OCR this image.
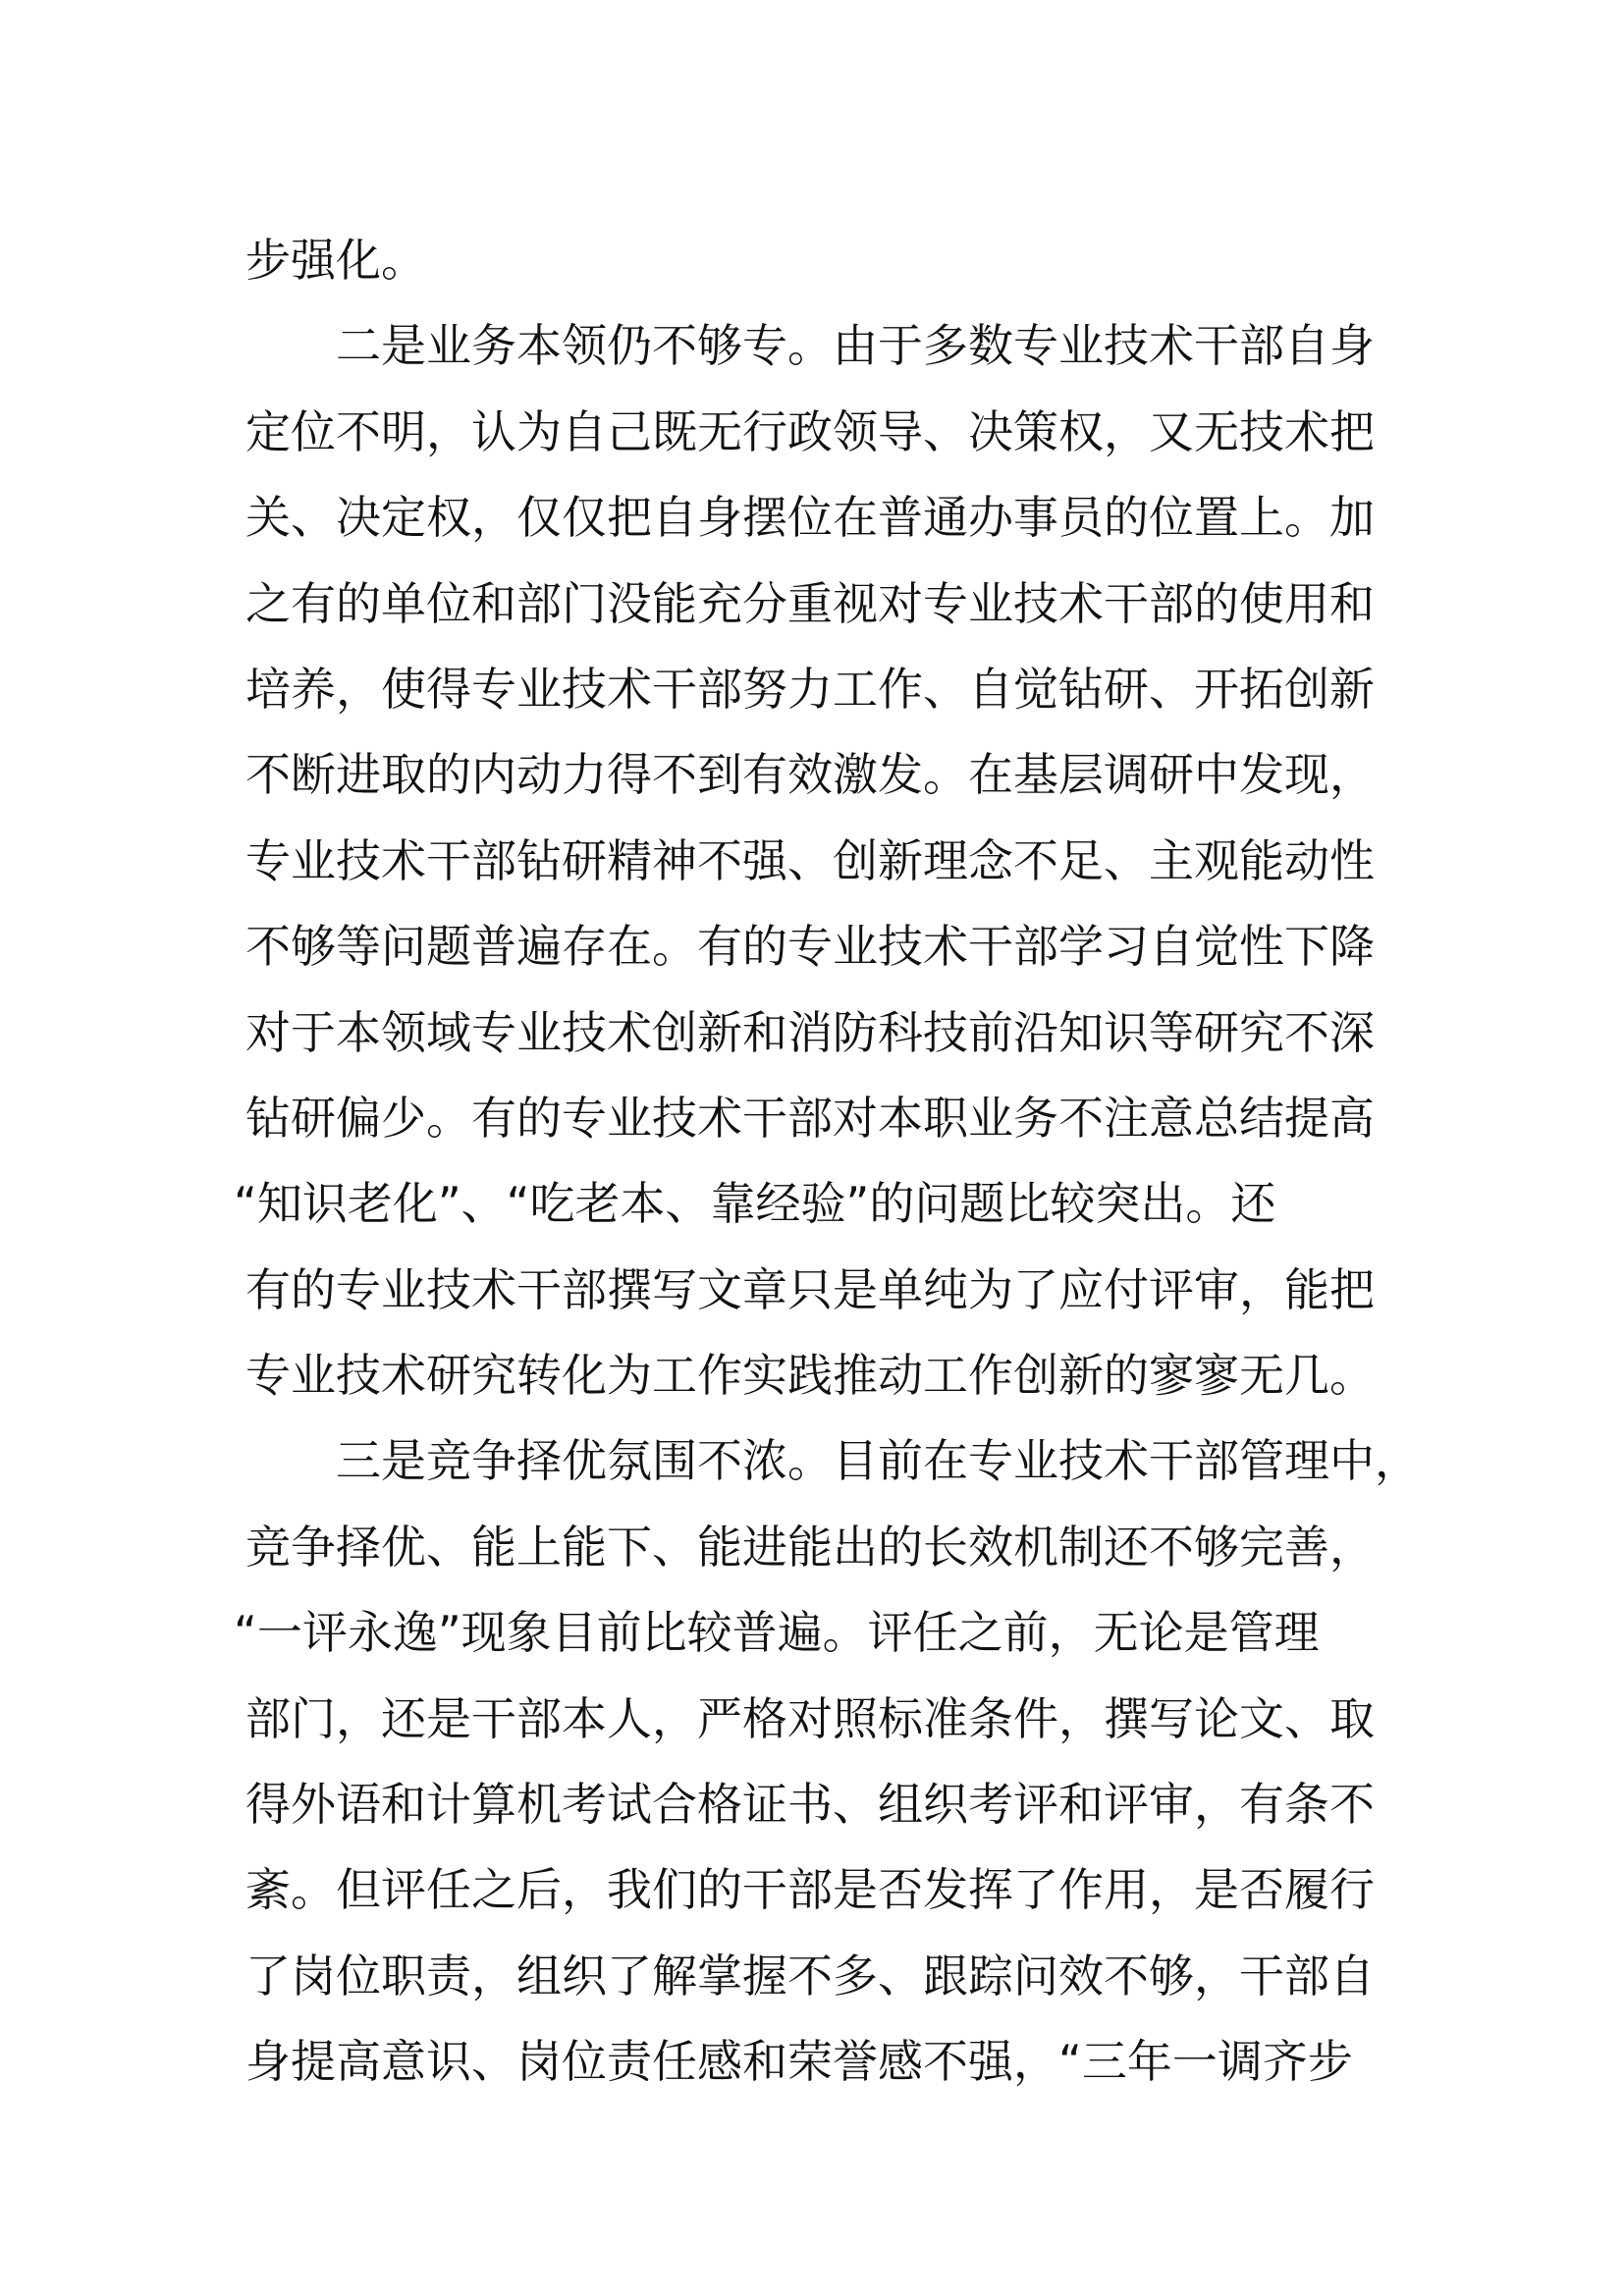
步强化。
二是业务本领仍不够专。由于多数专业技术干部自身
定位不明，认为自己既无行政领导、决策权，又无技术把
关、决定权，仅仅把自身摆位在普通办事员的位置上。加
之有的单位和部门没能充分重视对专业技术干部的使用和
培养，使得专业技术干部努力工作、自觉钻研、开拓创新
不断进取的内动力得不到有效激发。在基层调研中发现，
专业技术干部钻研精神不强、创新理念不足、主观能动性
不够等问题普遍存在。有的专业技术干部学习自觉性下降
对于本领域专业技术创新和消防科技前沿知识等研究不深
钻研偏少。有的专业技术干部对本职业务不注意总结提高
“知识老化”、“吃老本、靠经验”的问题比较突出。还
有的专业技术干部撰写文章只是单纯为了应付评审，能把
专业技术研究转化为工作实践推动工作创新的寥寥无几。
三是竞争择优氛围不浓。目前在专业技术干部管理中，
竞争择优、能上能下、能进能出的长效机制还不够完善，
“一评永逸”现象目前比较普遍。评任之前，无论是管理
部门，还是干部本人，严格对照标准条件，撰写论文、取
得外语和计算机考试合格证书、组织考评和评审，有条不
紊。但评任之后，我们的干部是否发挥了作用，是否履行
了岗位职责，组织了解掌握不多、跟踪问效不够，干部自
身提高意识、岗位责任感和荣誉感不强，“三年一调齐步
